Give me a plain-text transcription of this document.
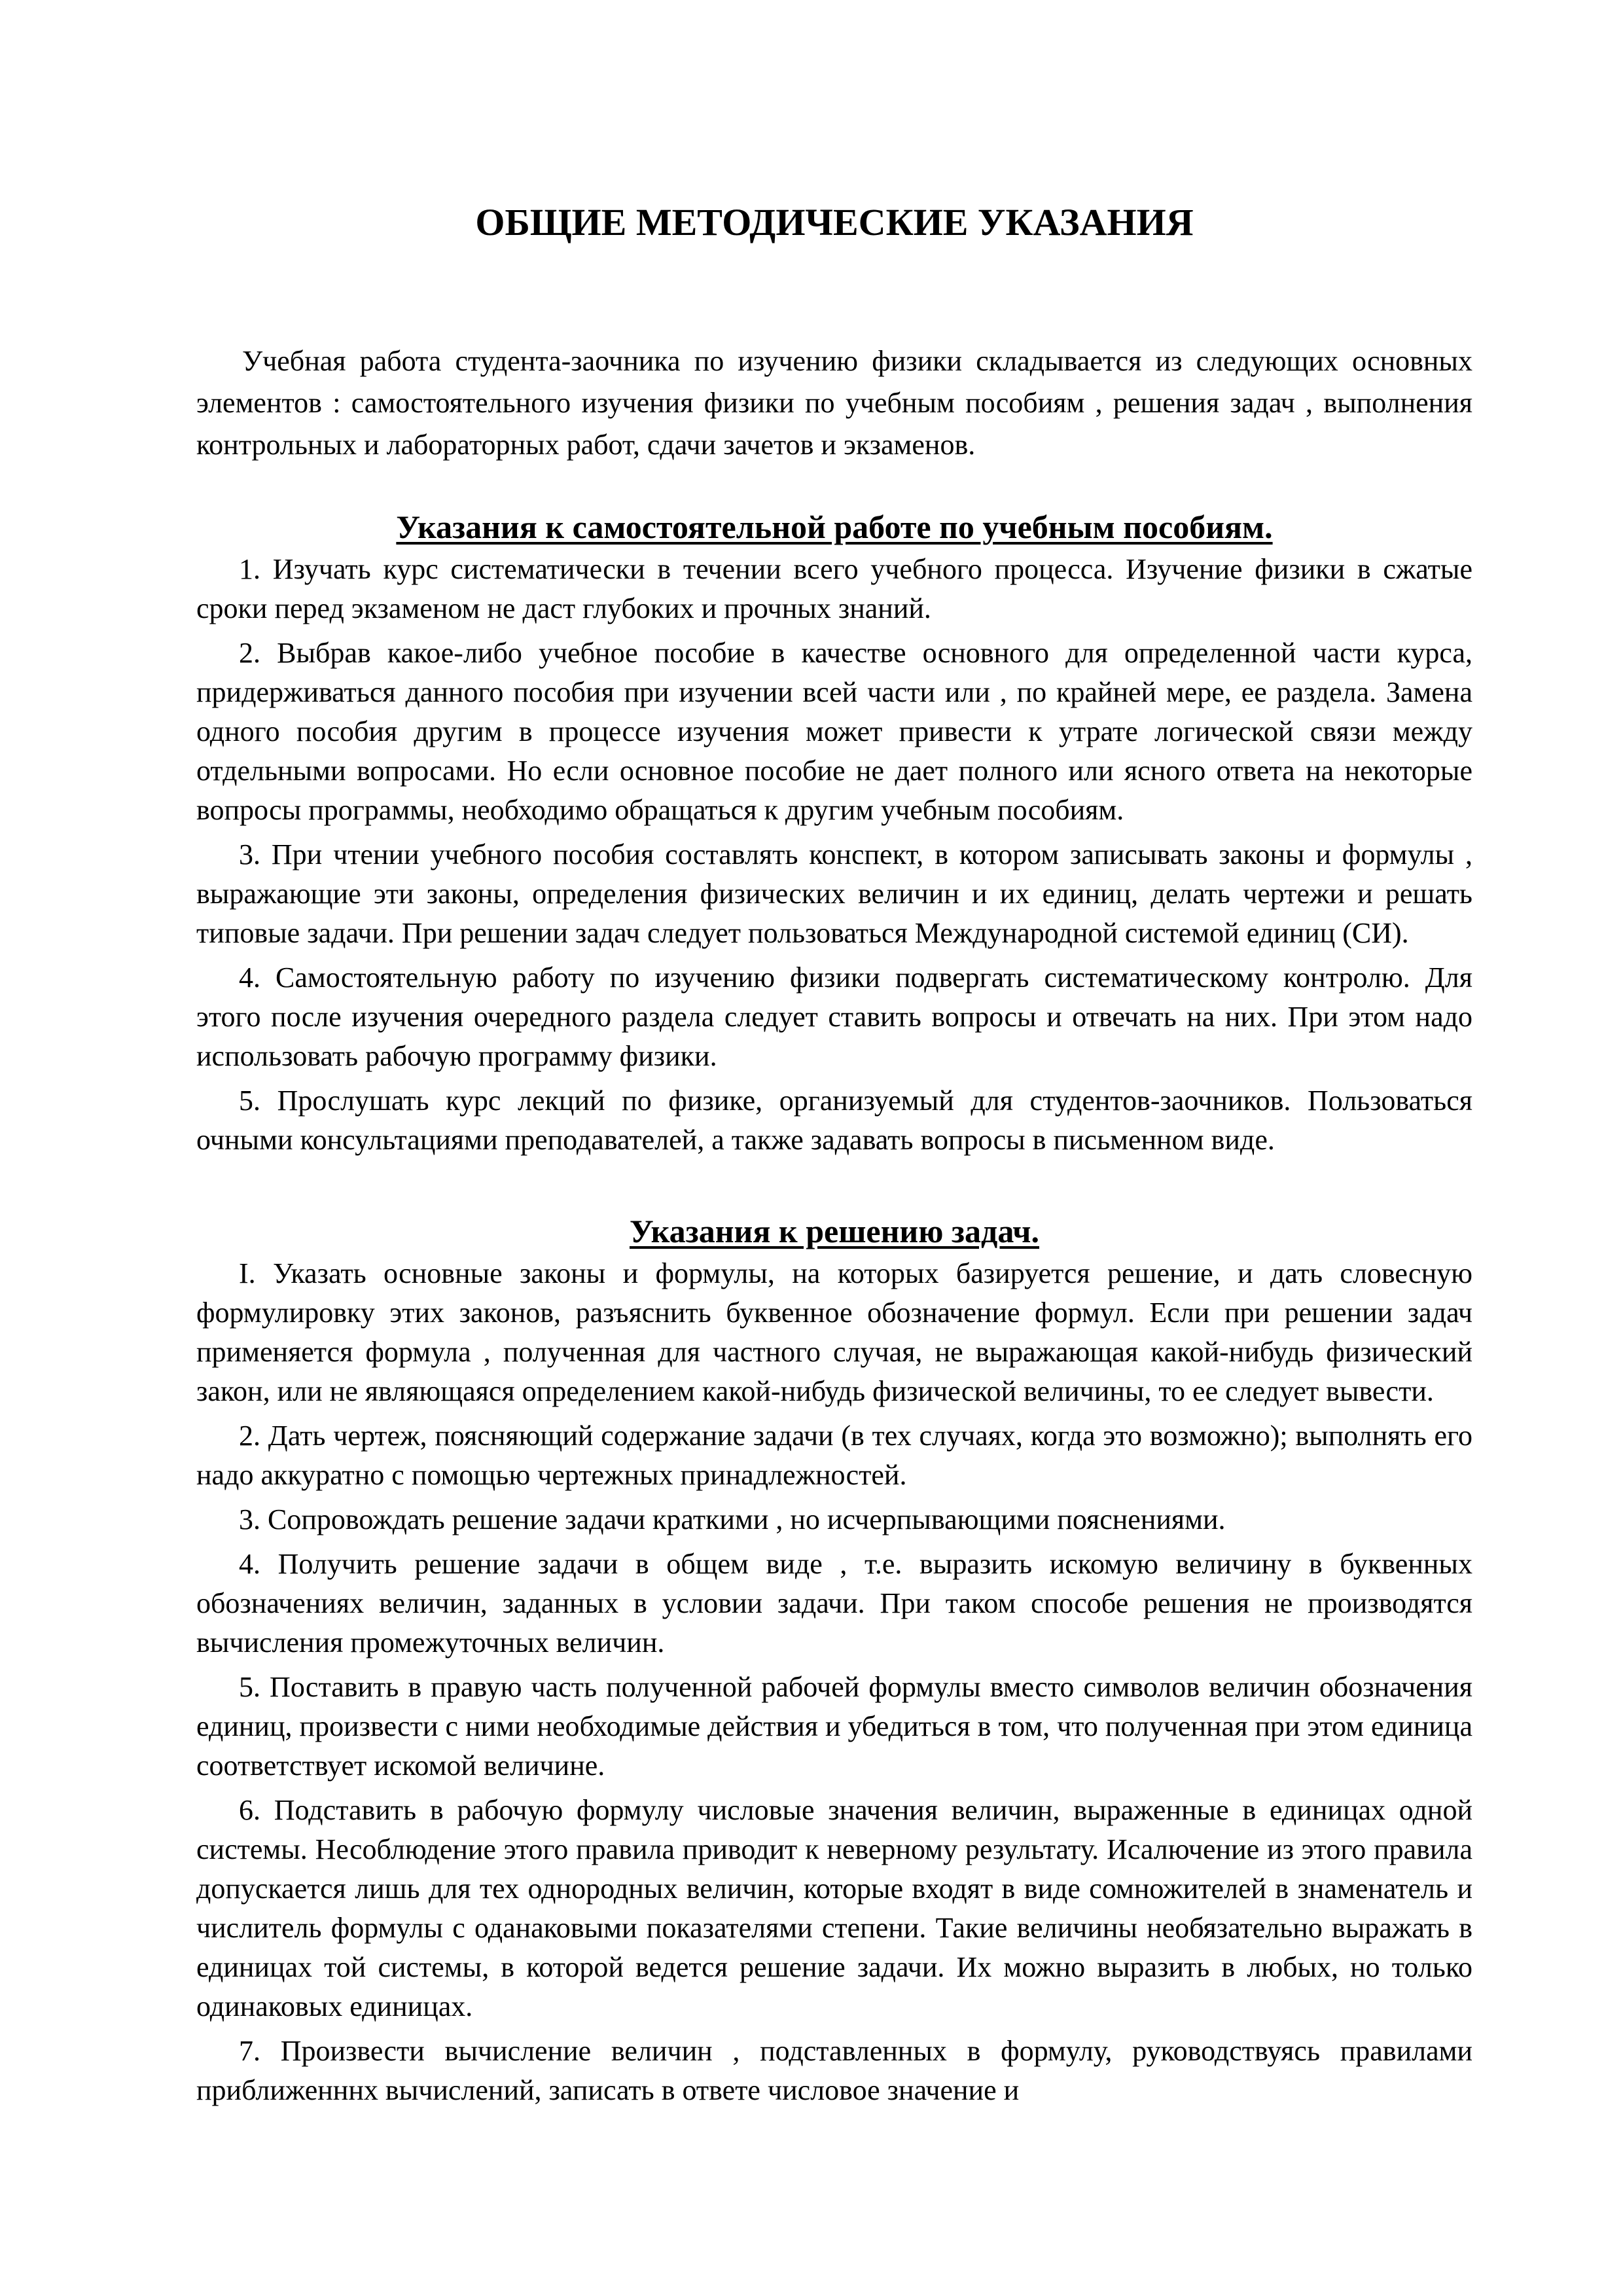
ОБЩИЕ МЕТОДИЧЕСКИЕ УКАЗАНИЯ

Учебная работа студента-заочника по изучению физики складывается из следующих основных элементов : самостоятельного изучения физики по учебным пособиям , решения задач , выполнения контрольных и лабораторных работ, сдачи зачетов и экзаменов.

Указания к самостоятельной работе по учебным пособиям.

1. Изучать курс систематически в течении всего учебного процесса. Изучение физики в сжатые сроки перед экзаменом не даст глубоких и прочных знаний.

2. Выбрав какое-либо учебное пособие в качестве основного для определенной части курса, придерживаться данного пособия при изучении всей части или , по крайней мере, ее раздела. Замена одного пособия другим в процессе изучения может привести к утрате логической связи между отдельными вопросами. Но если основное пособие не дает полного или ясного ответа на некоторые вопросы программы, необходимо обращаться к другим учебным пособиям.

3. При чтении учебного пособия составлять конспект, в котором записывать законы и формулы , выражающие эти законы, определения физических величин и их единиц, делать чертежи и решать типовые задачи. При решении задач следует пользоваться Международной системой единиц (СИ).

4. Самостоятельную работу по изучению физики подвергать систематическому контролю. Для этого после изучения очередного раздела следует ставить вопросы и отвечать на них. При этом надо использовать рабочую программу физики.

5. Прослушать курс лекций по физике, организуемый для студентов-заочников. Пользоваться очными консультациями преподавателей, а также задавать вопросы в письменном виде.

Указания к решению задач.

I. Указать основные законы и формулы, на которых базируется решение, и дать словесную формулировку этих законов, разъяснить буквенное обозначение формул. Если при решении задач применяется формула , полученная для частного случая, не выражающая какой-нибудь физический закон, или не являющаяся определением какой-нибудь физической величины, то ее следует вывести.

2. Дать чертеж, поясняющий содержание задачи (в тех случаях, когда это возможно); выполнять его надо аккуратно с помощью чертежных принадлежностей.

3. Сопровождать решение задачи краткими , но исчерпывающими пояснениями.

4. Получить решение задачи в общем виде , т.е. выразить искомую величину в буквенных обозначениях величин, заданных в условии задачи. При таком способе решения не производятся вычисления промежуточных величин.

5. Поставить в правую часть полученной рабочей формулы вместо символов величин обозначения единиц, произвести с ними необходимые действия и убедиться в том, что полученная при этом единица соответствует искомой величине.

6. Подставить в рабочую формулу числовые значения величин, выраженные в единицах одной системы. Несоблюдение этого правила приводит к неверному результату. Исалючение из этого правила допускается лишь для тех однородных величин, которые входят в виде сомножителей в знаменатель и числитель формулы с оданаковыми показателями степени. Такие величины необязательно выражать в единицах той системы, в которой ведется решение задачи. Их можно выразить в любых, но только одинаковых единицах.

7. Произвести вычисление величин , подставленных в формулу, руководствуясь правилами приближенннх вычислений, записать в ответе числовое значение и
